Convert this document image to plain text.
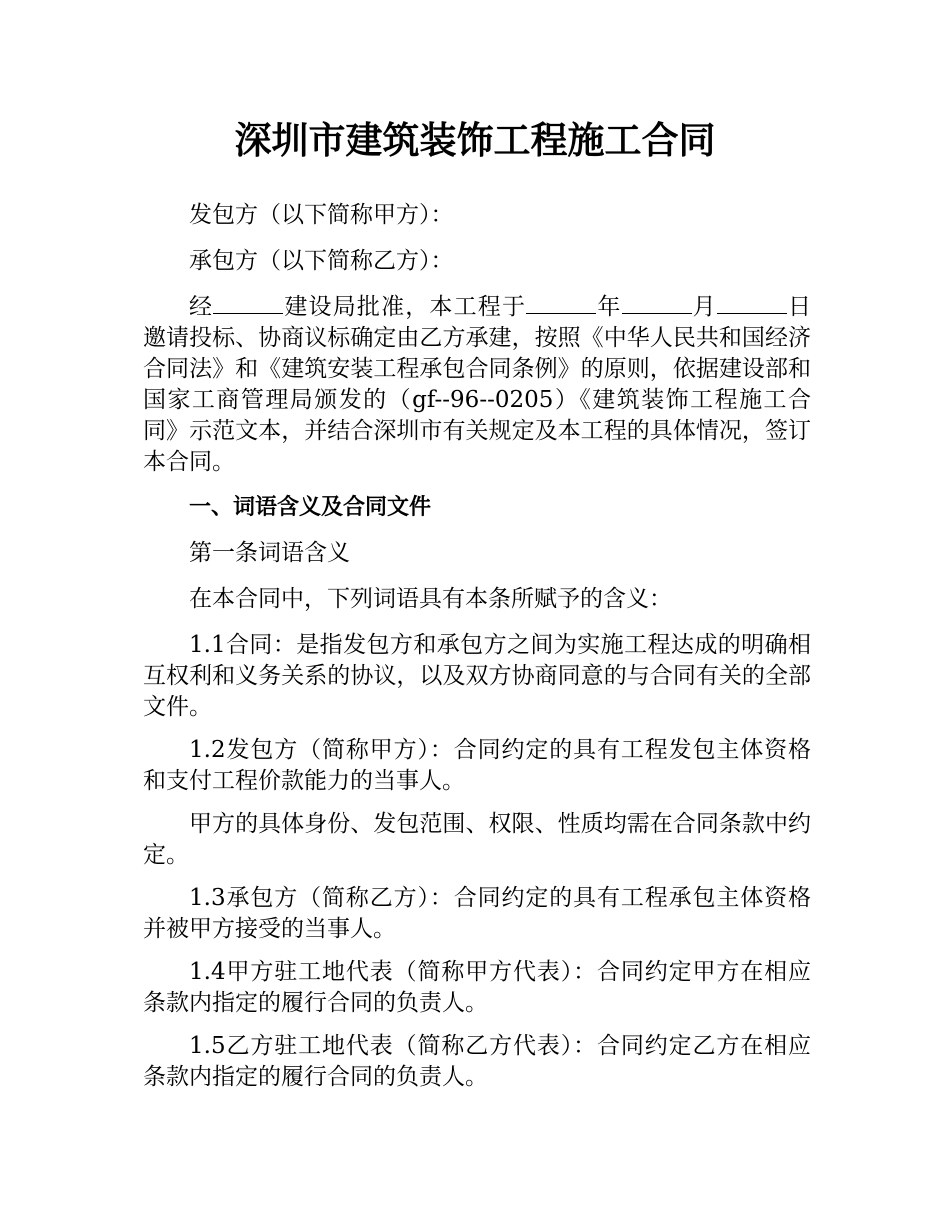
深圳市建筑装饰工程施工合同

发包方（以下简称甲方）：

承包方（以下简称乙方）：

经	建设局批准，本工程于	年	月	日邀请投标、协商议标确定由乙方承建，按照《中华人民共和国经济合同法》和《建筑安装工程承包合同条例》的原则，依据建设部和国家工商管理局颁发的（gf--96--0205）《建筑装饰工程施工合同》示范文本，并结合深圳市有关规定及本工程的具体情况，签订本合同。

一、词语含义及合同文件

第一条词语含义

在本合同中，下列词语具有本条所赋予的含义：

1.1合同：是指发包方和承包方之间为实施工程达成的明确相互权利和义务关系的协议，以及双方协商同意的与合同有关的全部文件。

1.2发包方（简称甲方）：合同约定的具有工程发包主体资格和支付工程价款能力的当事人。

甲方的具体身份、发包范围、权限、性质均需在合同条款中约定。

1.3承包方（简称乙方）：合同约定的具有工程承包主体资格并被甲方接受的当事人。

1.4甲方驻工地代表（简称甲方代表）：合同约定甲方在相应条款内指定的履行合同的负责人。

1.5乙方驻工地代表（简称乙方代表）：合同约定乙方在相应条款内指定的履行合同的负责人。
